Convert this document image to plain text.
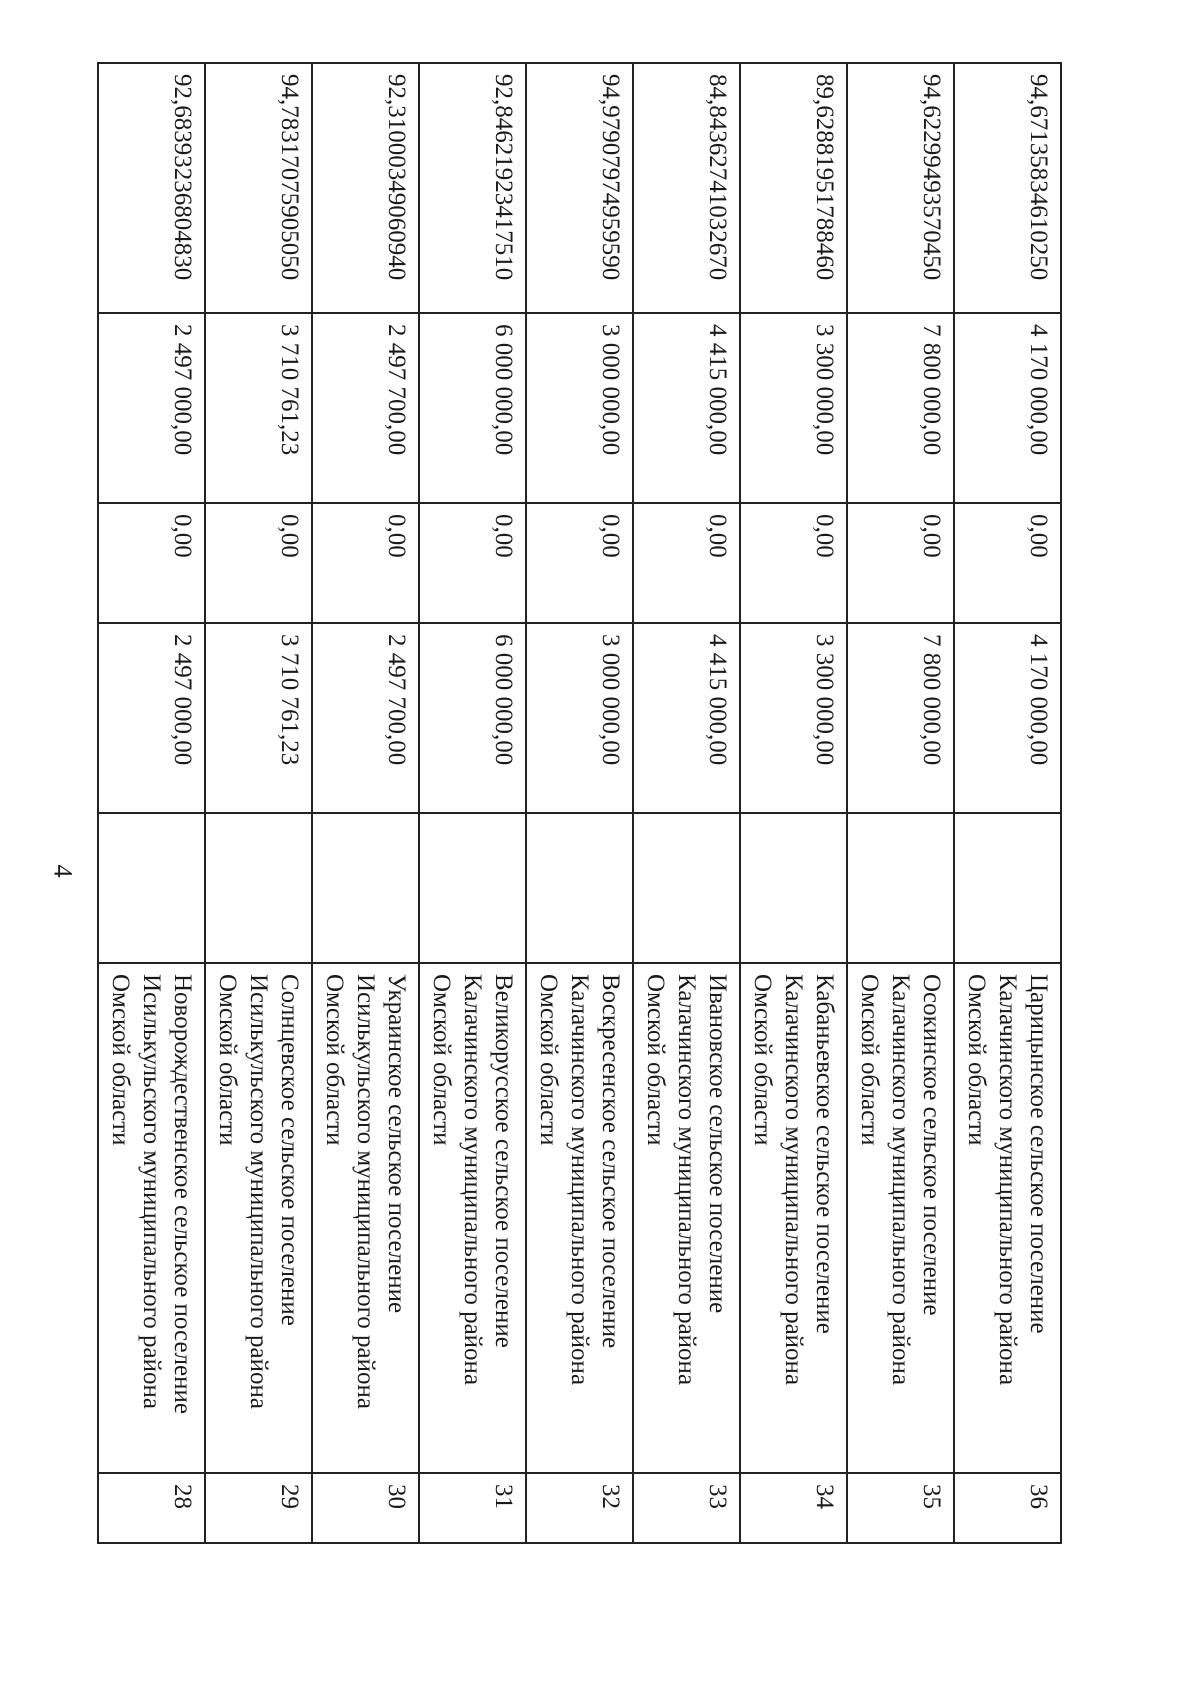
4
94,67135834610250	4 170 000,00	0,00	4 170 000,00		Царицынское сельское поселение Калачинского муниципального района Омской области	36
94,62299493570450	7 800 000,00	0,00	7 800 000,00		Осокинское сельское поселение Калачинского муниципального района Омской области	35
89,62881951788460	3 300 000,00	0,00	3 300 000,00		Кабаньевское сельское поселение Калачинского муниципального района Омской области	34
84,84362741032670	4 415 000,00	0,00	4 415 000,00		Ивановское сельское поселение Калачинского муниципального района Омской области	33
94,97907974959590	3 000 000,00	0,00	3 000 000,00		Воскресенское сельское поселение Калачинского муниципального района Омской области	32
92,84621923417510	6 000 000,00	0,00	6 000 000,00		Великорусское сельское поселение Калачинского муниципального района Омской области	31
92,31000349060940	2 497 700,00	0,00	2 497 700,00		Украинское сельское поселение Исилькульского муниципального района Омской области	30
94,78317075905050	3 710 761,23	0,00	3 710 761,23		Солнцевское сельское поселение Исилькульского муниципального района Омской области	29
92,6839323680483​0	2 497 000,00	0,00	2 497 000,00		Новорождественское сельское поселение Исилькульского муниципального района Омской области	28
